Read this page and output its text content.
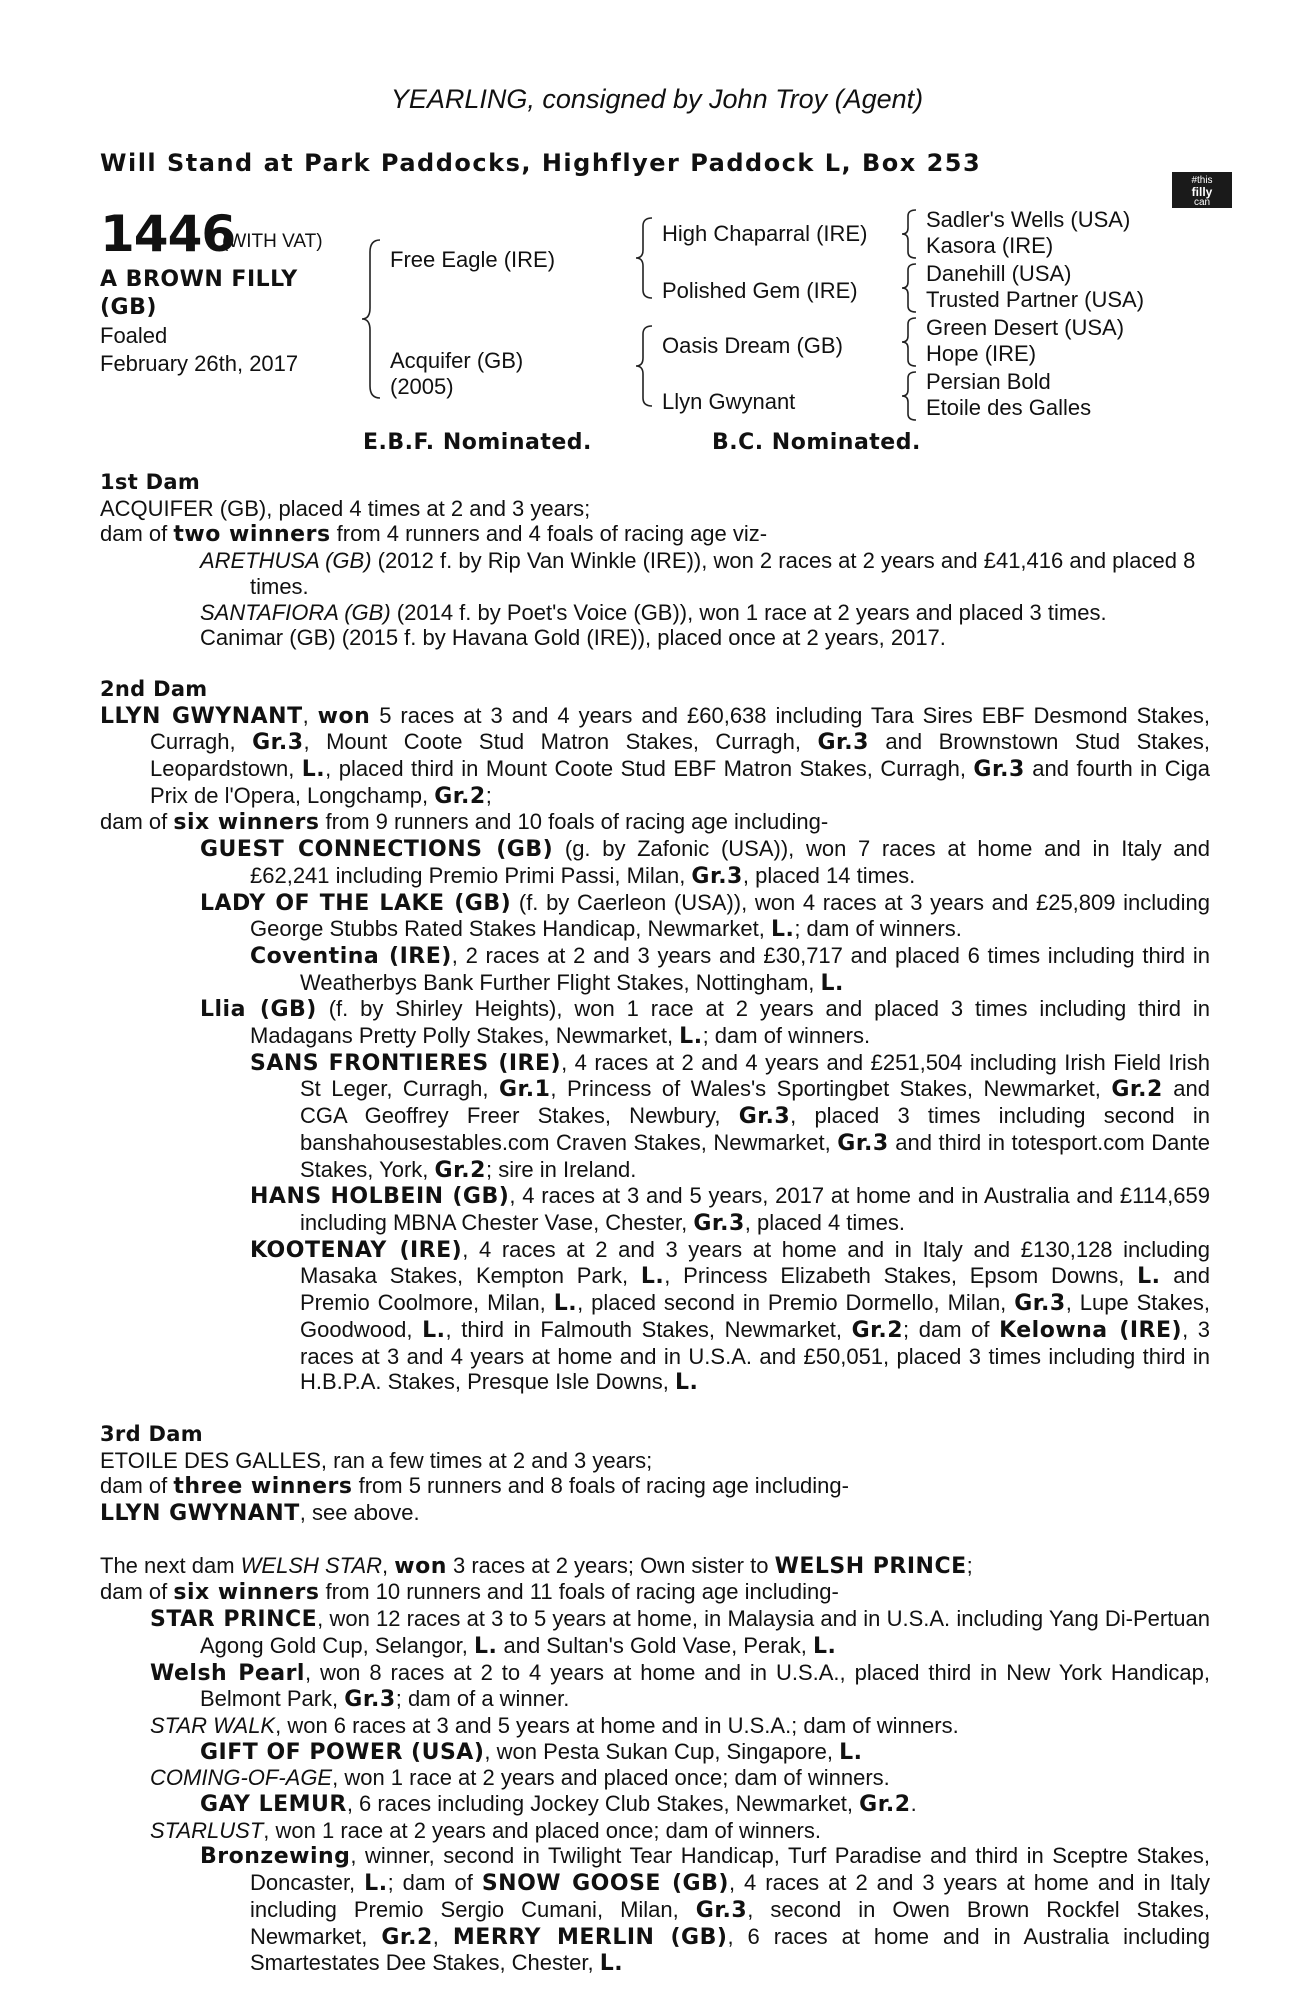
YEARLING, consigned by John Troy (Agent)
Will Stand at Park Paddocks, Highflyer Paddock L, Box 253
#this
filly
can
1446
(WITH VAT)
A BROWN FILLY
(GB)
Foaled
February 26th, 2017
Free Eagle (IRE)
Acquifer (GB)
(2005)
High Chaparral (IRE)
Polished Gem (IRE)
Oasis Dream (GB)
Llyn Gwynant
Sadler's Wells (USA)
Kasora (IRE)
Danehill (USA)
Trusted Partner (USA)
Green Desert (USA)
Hope (IRE)
Persian Bold
Etoile des Galles
E.B.F. Nominated.	B.C. Nominated.

1st Dam

ACQUIFER (GB), placed 4 times at 2 and 3 years;

dam of two winners from 4 runners and 4 foals of racing age viz-

ARETHUSA (GB) (2012 f. by Rip Van Winkle (IRE)), won 2 races at 2 years and £41,416 and placed 8 times.

SANTAFIORA (GB) (2014 f. by Poet's Voice (GB)), won 1 race at 2 years and placed 3 times.

Canimar (GB) (2015 f. by Havana Gold (IRE)), placed once at 2 years, 2017.

2nd Dam

LLYN GWYNANT, won 5 races at 3 and 4 years and £60,638 including Tara Sires EBF Desmond Stakes, Curragh, Gr.3, Mount Coote Stud Matron Stakes, Curragh, Gr.3 and Brownstown Stud Stakes, Leopardstown, L., placed third in Mount Coote Stud EBF Matron Stakes, Curragh, Gr.3 and fourth in Ciga Prix de l'Opera, Longchamp, Gr.2;

dam of six winners from 9 runners and 10 foals of racing age including-

GUEST CONNECTIONS (GB) (g. by Zafonic (USA)), won 7 races at home and in Italy and £62,241 including Premio Primi Passi, Milan, Gr.3, placed 14 times.

LADY OF THE LAKE (GB) (f. by Caerleon (USA)), won 4 races at 3 years and £25,809 including George Stubbs Rated Stakes Handicap, Newmarket, L.; dam of winners.

Coventina (IRE), 2 races at 2 and 3 years and £30,717 and placed 6 times including third in Weatherbys Bank Further Flight Stakes, Nottingham, L.

Llia (GB) (f. by Shirley Heights), won 1 race at 2 years and placed 3 times including third in Madagans Pretty Polly Stakes, Newmarket, L.; dam of winners.

SANS FRONTIERES (IRE), 4 races at 2 and 4 years and £251,504 including Irish Field Irish St Leger, Curragh, Gr.1, Princess of Wales's Sportingbet Stakes, Newmarket, Gr.2 and CGA Geoffrey Freer Stakes, Newbury, Gr.3, placed 3 times including second in banshahousestables.com Craven Stakes, Newmarket, Gr.3 and third in totesport.com Dante Stakes, York, Gr.2; sire in Ireland.

HANS HOLBEIN (GB), 4 races at 3 and 5 years, 2017 at home and in Australia and £114,659 including MBNA Chester Vase, Chester, Gr.3, placed 4 times.

KOOTENAY (IRE), 4 races at 2 and 3 years at home and in Italy and £130,128 including Masaka Stakes, Kempton Park, L., Princess Elizabeth Stakes, Epsom Downs, L. and Premio Coolmore, Milan, L., placed second in Premio Dormello, Milan, Gr.3, Lupe Stakes, Goodwood, L., third in Falmouth Stakes, Newmarket, Gr.2; dam of Kelowna (IRE), 3 races at 3 and 4 years at home and in U.S.A. and £50,051, placed 3 times including third in H.B.P.A. Stakes, Presque Isle Downs, L.

3rd Dam

ETOILE DES GALLES, ran a few times at 2 and 3 years;

dam of three winners from 5 runners and 8 foals of racing age including-

LLYN GWYNANT, see above.

The next dam WELSH STAR, won 3 races at 2 years; Own sister to WELSH PRINCE;

dam of six winners from 10 runners and 11 foals of racing age including-

STAR PRINCE, won 12 races at 3 to 5 years at home, in Malaysia and in U.S.A. including Yang Di-Pertuan Agong Gold Cup, Selangor, L. and Sultan's Gold Vase, Perak, L.

Welsh Pearl, won 8 races at 2 to 4 years at home and in U.S.A., placed third in New York Handicap, Belmont Park, Gr.3; dam of a winner.

STAR WALK, won 6 races at 3 and 5 years at home and in U.S.A.; dam of winners.

GIFT OF POWER (USA), won Pesta Sukan Cup, Singapore, L.

COMING-OF-AGE, won 1 race at 2 years and placed once; dam of winners.

GAY LEMUR, 6 races including Jockey Club Stakes, Newmarket, Gr.2.

STARLUST, won 1 race at 2 years and placed once; dam of winners.

Bronzewing, winner, second in Twilight Tear Handicap, Turf Paradise and third in Sceptre Stakes, Doncaster, L.; dam of SNOW GOOSE (GB), 4 races at 2 and 3 years at home and in Italy including Premio Sergio Cumani, Milan, Gr.3, second in Owen Brown Rockfel Stakes, Newmarket, Gr.2, MERRY MERLIN (GB), 6 races at home and in Australia including Smartestates Dee Stakes, Chester, L.
